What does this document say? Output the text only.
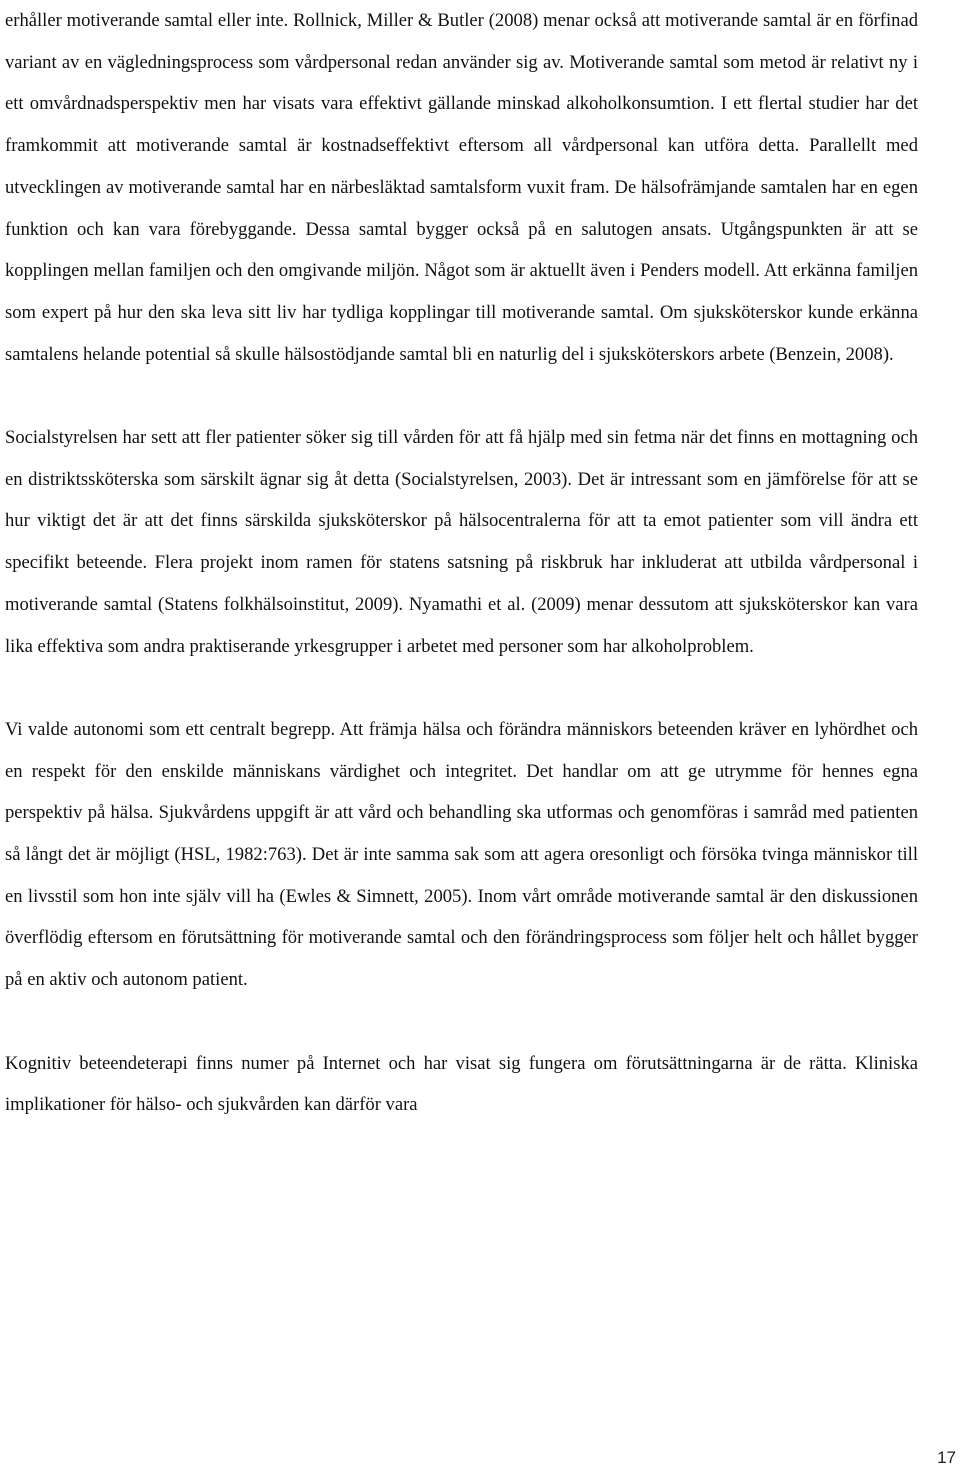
erhåller motiverande samtal eller inte. Rollnick, Miller & Butler (2008) menar också att motiverande samtal är en förfinad variant av en vägledningsprocess som vårdpersonal redan använder sig av. Motiverande samtal som metod är relativt ny i ett omvårdnadsperspektiv men har visats vara effektivt gällande minskad alkoholkonsumtion. I ett flertal studier har det framkommit att motiverande samtal är kostnadseffektivt eftersom all vårdpersonal kan utföra detta. Parallellt med utvecklingen av motiverande samtal har en närbesläktad samtalsform vuxit fram. De hälsofrämjande samtalen har en egen funktion och kan vara förebyggande. Dessa samtal bygger också på en salutogen ansats. Utgångspunkten är att se kopplingen mellan familjen och den omgivande miljön. Något som är aktuellt även i Penders modell. Att erkänna familjen som expert på hur den ska leva sitt liv har tydliga kopplingar till motiverande samtal. Om sjuksköterskor kunde erkänna samtalens helande potential så skulle hälsostödjande samtal bli en naturlig del i sjuksköterskors arbete (Benzein, 2008).

Socialstyrelsen har sett att fler patienter söker sig till vården för att få hjälp med sin fetma när det finns en mottagning och en distriktssköterska som särskilt ägnar sig åt detta (Socialstyrelsen, 2003). Det är intressant som en jämförelse för att se hur viktigt det är att det finns särskilda sjuksköterskor på hälsocentralerna för att ta emot patienter som vill ändra ett specifikt beteende. Flera projekt inom ramen för statens satsning på riskbruk har inkluderat att utbilda vårdpersonal i motiverande samtal (Statens folkhälsoinstitut, 2009). Nyamathi et al. (2009) menar dessutom att sjuksköterskor kan vara lika effektiva som andra praktiserande yrkesgrupper i arbetet med personer som har alkoholproblem.

Vi valde autonomi som ett centralt begrepp. Att främja hälsa och förändra människors beteenden kräver en lyhördhet och en respekt för den enskilde människans värdighet och integritet. Det handlar om att ge utrymme för hennes egna perspektiv på hälsa. Sjukvårdens uppgift är att vård och behandling ska utformas och genomföras i samråd med patienten så långt det är möjligt (HSL, 1982:763). Det är inte samma sak som att agera oresonligt och försöka tvinga människor till en livsstil som hon inte själv vill ha (Ewles & Simnett, 2005). Inom vårt område motiverande samtal är den diskussionen överflödig eftersom en förutsättning för motiverande samtal och den förändringsprocess som följer helt och hållet bygger på en aktiv och autonom patient.

Kognitiv beteendeterapi finns numer på Internet och har visat sig fungera om förutsättningarna är de rätta. Kliniska implikationer för hälso- och sjukvården kan därför vara

17
